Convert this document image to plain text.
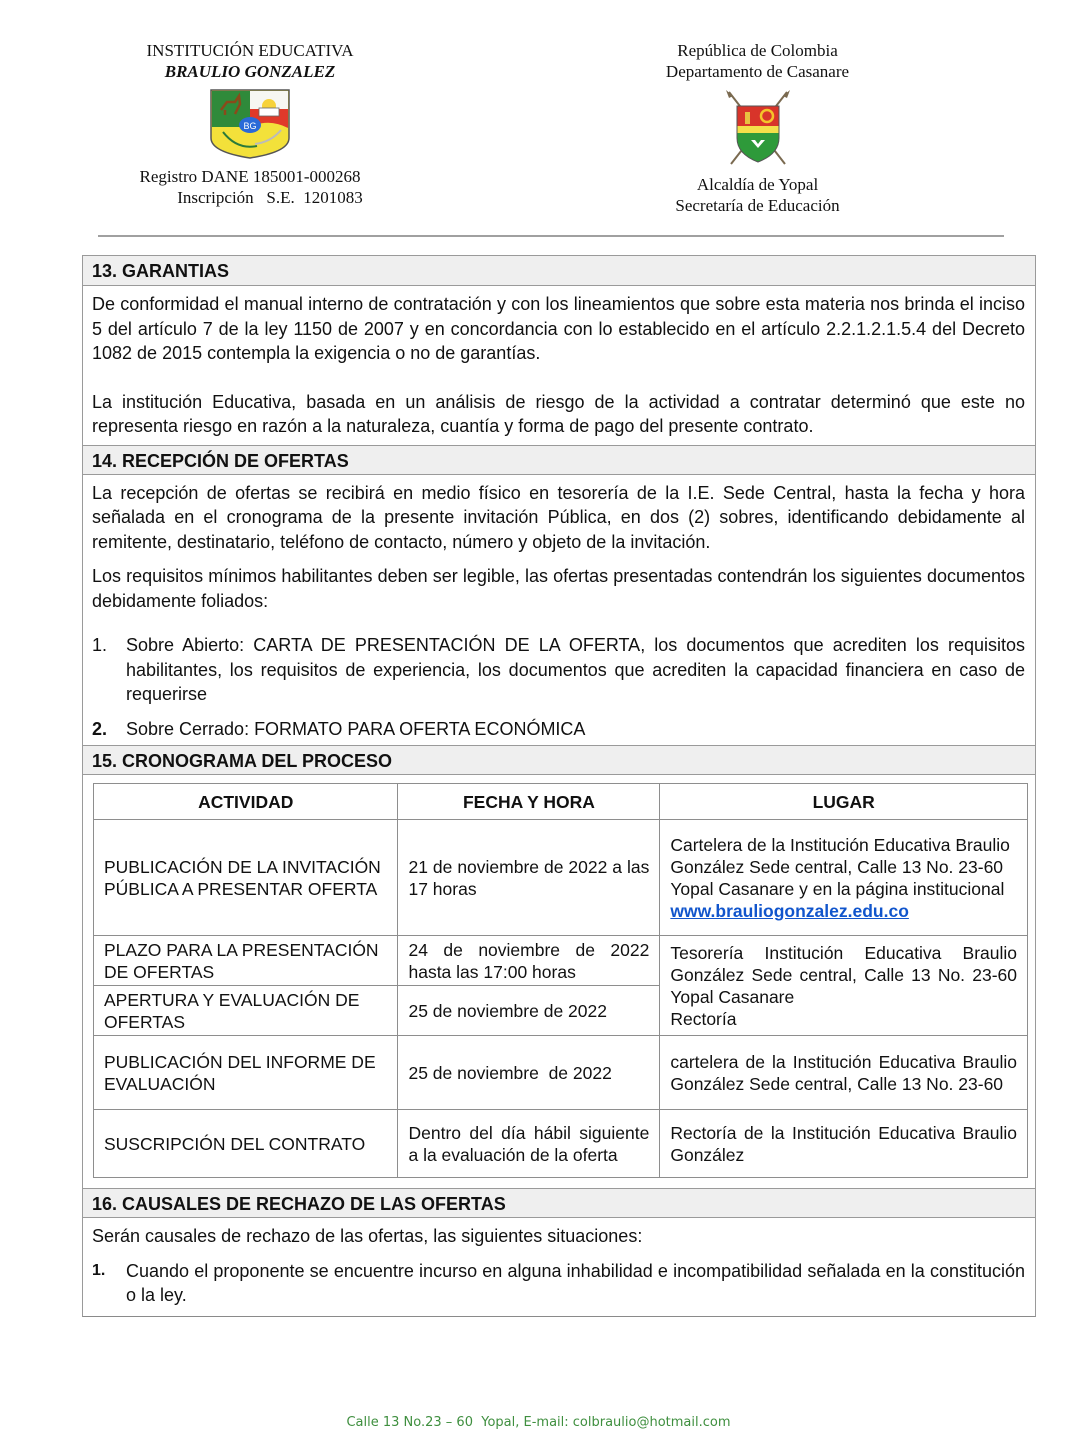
INSTITUCIÓN EDUCATIVA
BRAULIO GONZALEZ
BG
Registro DANE 185001-000268
Inscripción   S.E.  1201083
República de Colombia
Departamento de Casanare
Alcaldía de Yopal
Secretaría de Educación
13. GARANTIAS

De conformidad el manual interno de contratación y con los lineamientos que sobre esta materia nos brinda el inciso 5 del artículo 7 de la ley 1150 de 2007 y en concordancia con lo establecido en el artículo 2.2.1.2.1.5.4 del Decreto 1082 de 2015 contempla la exigencia o no de garantías.

La institución Educativa, basada en un análisis de riesgo de la actividad a contratar determinó que este no representa riesgo en razón a la naturaleza, cuantía y forma de pago del presente contrato.

14. RECEPCIÓN DE OFERTAS

La recepción de ofertas se recibirá en medio físico en tesorería de la I.E. Sede Central, hasta la fecha y hora señalada en el cronograma de la presente invitación Pública, en dos (2) sobres, identificando debidamente al remitente, destinatario, teléfono de contacto, número y objeto de la invitación.

Los requisitos mínimos habilitantes deben ser legible, las ofertas presentadas contendrán los siguientes documentos debidamente foliados:

1.	Sobre Abierto: CARTA DE PRESENTACIÓN DE LA OFERTA, los documentos que acrediten los requisitos habilitantes, los requisitos de experiencia, los documentos que acrediten la capacidad financiera en caso de requerirse
2.	Sobre Cerrado: FORMATO PARA OFERTA ECONÓMICA
15. CRONOGRAMA DEL PROCESO
ACTIVIDAD	FECHA Y HORA	LUGAR
PUBLICACIÓN DE LA INVITACIÓN PÚBLICA A PRESENTAR OFERTA	21 de noviembre de 2022 a las 17 horas	Cartelera de la Institución Educativa Braulio González Sede central, Calle 13 No. 23-60 Yopal Casanare y en la página institucional
www.brauliogonzalez.edu.co
PLAZO PARA LA PRESENTACIÓN DE OFERTAS	24 de noviembre de 2022 hasta las 17:00 horas	Tesorería Institución Educativa Braulio González Sede central, Calle 13 No. 23-60 Yopal Casanare
Rectoría
APERTURA Y EVALUACIÓN DE OFERTAS	25 de noviembre de 2022	
PUBLICACIÓN DEL INFORME DE EVALUACIÓN	25 de noviembre  de 2022	cartelera de la Institución Educativa Braulio González Sede central, Calle 13 No. 23-60
SUSCRIPCIÓN DEL CONTRATO	Dentro del día hábil siguiente a la evaluación de la oferta	Rectoría de la Institución Educativa Braulio González
16. CAUSALES DE RECHAZO DE LAS OFERTAS

Serán causales de rechazo de las ofertas, las siguientes situaciones:

1.	Cuando el proponente se encuentre incurso en alguna inhabilidad e incompatibilidad señalada en la constitución o la ley.
Calle 13 No.23 – 60  Yopal, E-mail: colbraulio@hotmail.com
